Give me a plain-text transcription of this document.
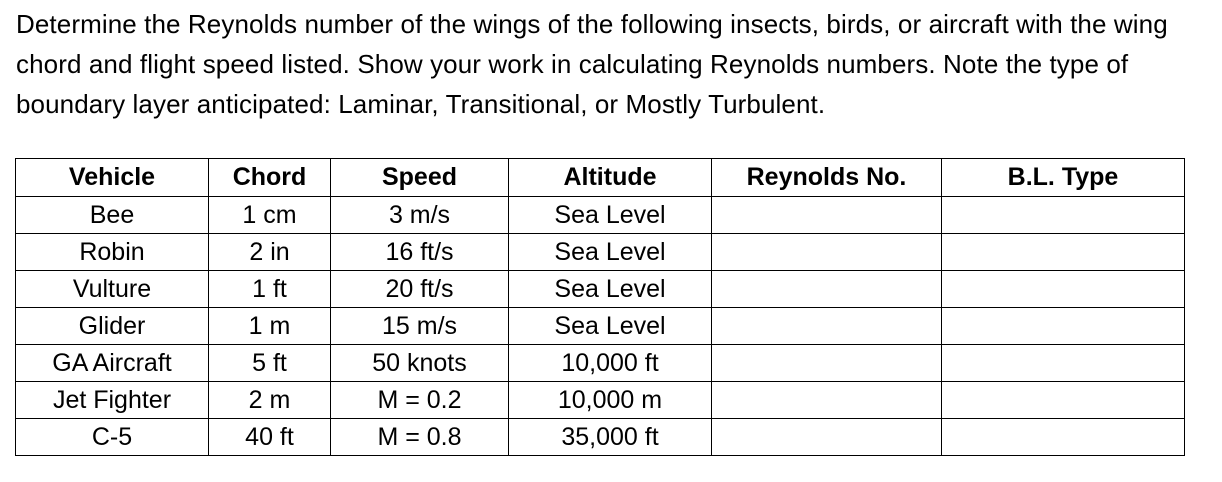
Determine the Reynolds number of the wings of the following insects, birds, or aircraft with the wing chord and flight speed listed. Show your work in calculating Reynolds numbers. Note the type of boundary layer anticipated: Laminar, Transitional, or Mostly Turbulent.

Vehicle	Chord	Speed	Altitude	Reynolds No.	B.L. Type
Bee	1 cm	3 m/s	Sea Level		
Robin	2 in	16 ft/s	Sea Level		
Vulture	1 ft	20 ft/s	Sea Level		
Glider	1 m	15 m/s	Sea Level		
GA Aircraft	5 ft	50 knots	10,000 ft		
Jet Fighter	2 m	M = 0.2	10,000 m		
C-5	40 ft	M = 0.8	35,000 ft		
